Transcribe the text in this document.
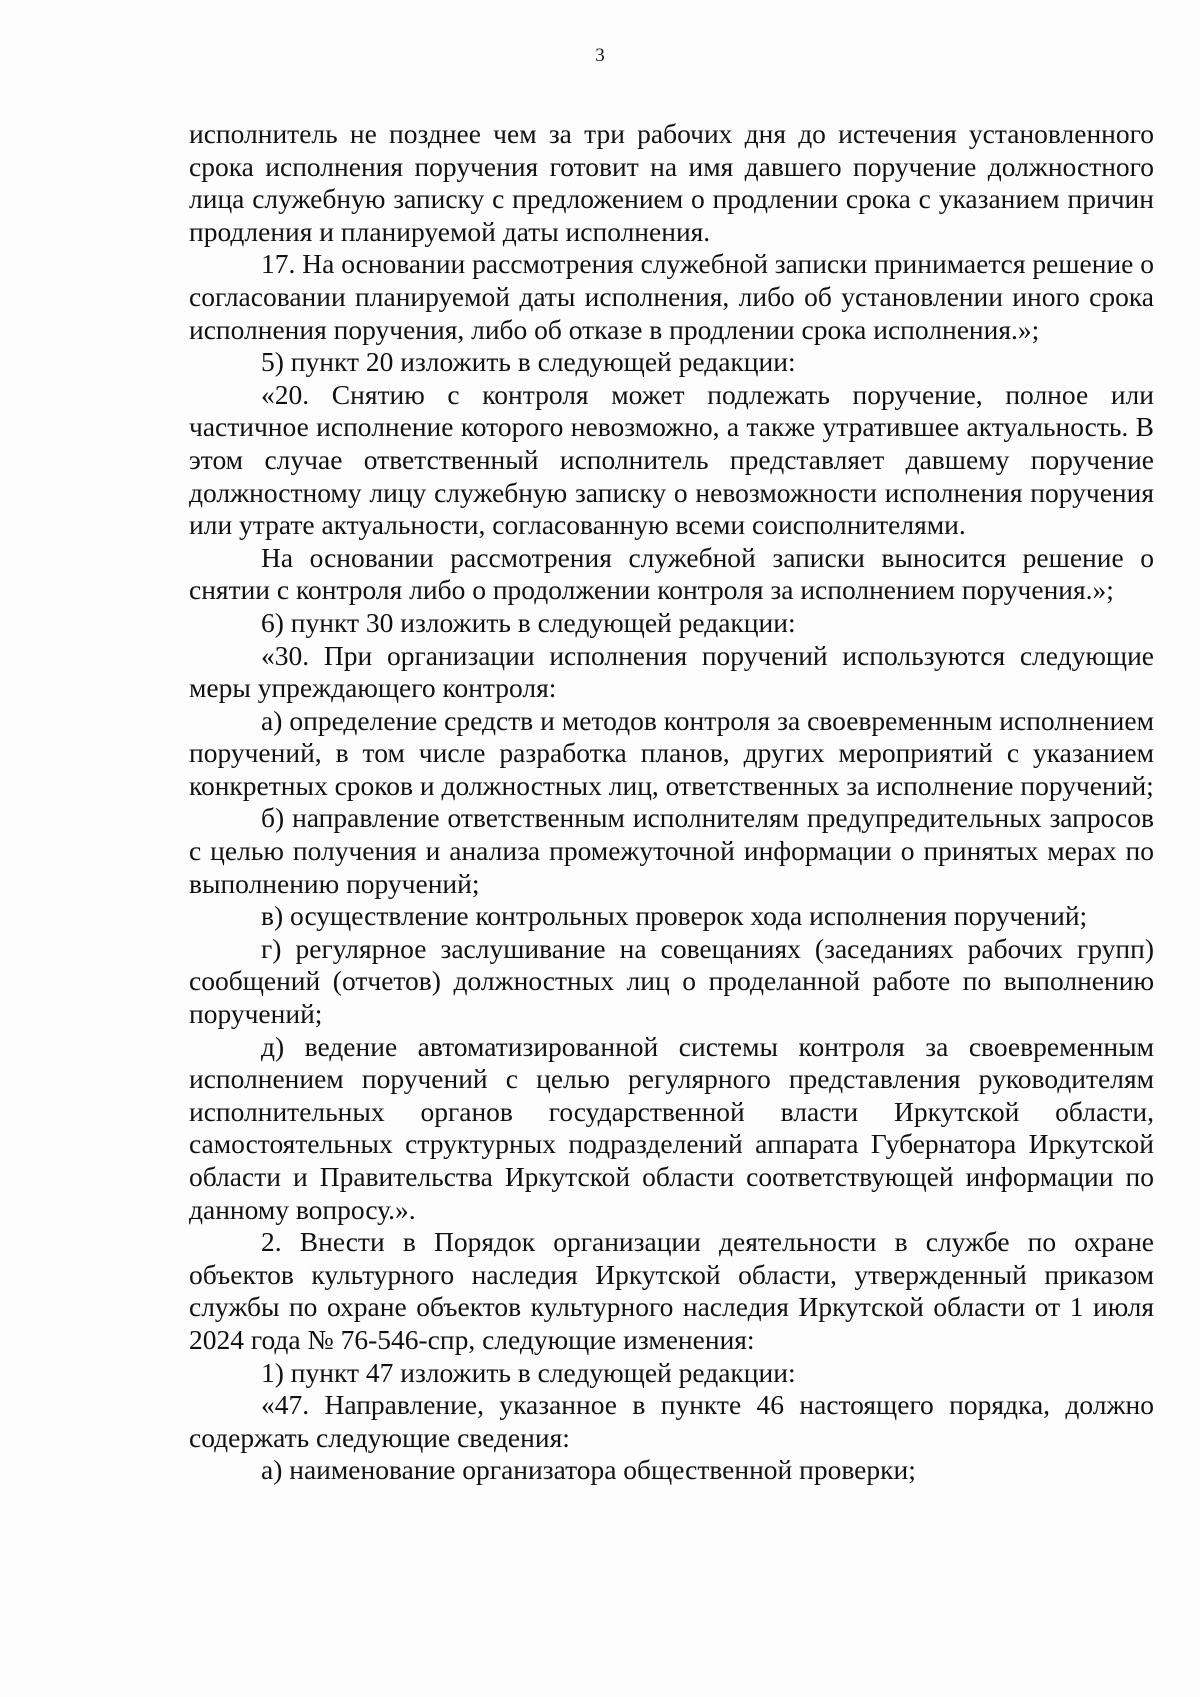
3

исполнитель не позднее чем за три рабочих дня до истечения установленного срока исполнения поручения готовит на имя давшего поручение должностного лица служебную записку с предложением о продлении срока с указанием причин продления и планируемой даты исполнения.

17. На основании рассмотрения служебной записки принимается решение о согласовании планируемой даты исполнения, либо об установлении иного срока исполнения поручения, либо об отказе в продлении срока исполнения.»;

5) пункт 20 изложить в следующей редакции:

«20. Снятию с контроля может подлежать поручение, полное или частичное исполнение которого невозможно, а также утратившее актуальность. В этом случае ответственный исполнитель представляет давшему поручение должностному лицу служебную записку о невозможности исполнения поручения или утрате актуальности, согласованную всеми соисполнителями.

На основании рассмотрения служебной записки выносится решение о снятии с контроля либо о продолжении контроля за исполнением поручения.»;

6) пункт 30 изложить в следующей редакции:

«30. При организации исполнения поручений используются следующие меры упреждающего контроля:

а) определение средств и методов контроля за своевременным исполнением поручений, в том числе разработка планов, других мероприятий с указанием конкретных сроков и должностных лиц, ответственных за исполнение поручений;

б) направление ответственным исполнителям предупредительных запросов с целью получения и анализа промежуточной информации о принятых мерах по выполнению поручений;

в) осуществление контрольных проверок хода исполнения поручений;

г) регулярное заслушивание на совещаниях (заседаниях рабочих групп) сообщений (отчетов) должностных лиц о проделанной работе по выполнению поручений;

д) ведение автоматизированной системы контроля за своевременным исполнением поручений с целью регулярного представления руководителям исполнительных органов государственной власти Иркутской области, самостоятельных структурных подразделений аппарата Губернатора Иркутской области и Правительства Иркутской области соответствующей информации по данному вопросу.».

2. Внести в Порядок организации деятельности в службе по охране объектов культурного наследия Иркутской области, утвержденный приказом службы по охране объектов культурного наследия Иркутской области от 1 июля 2024 года № 76-546-спр, следующие изменения:

1) пункт 47 изложить в следующей редакции:

«47. Направление, указанное в пункте 46 настоящего порядка, должно содержать следующие сведения:

а) наименование организатора общественной проверки;
